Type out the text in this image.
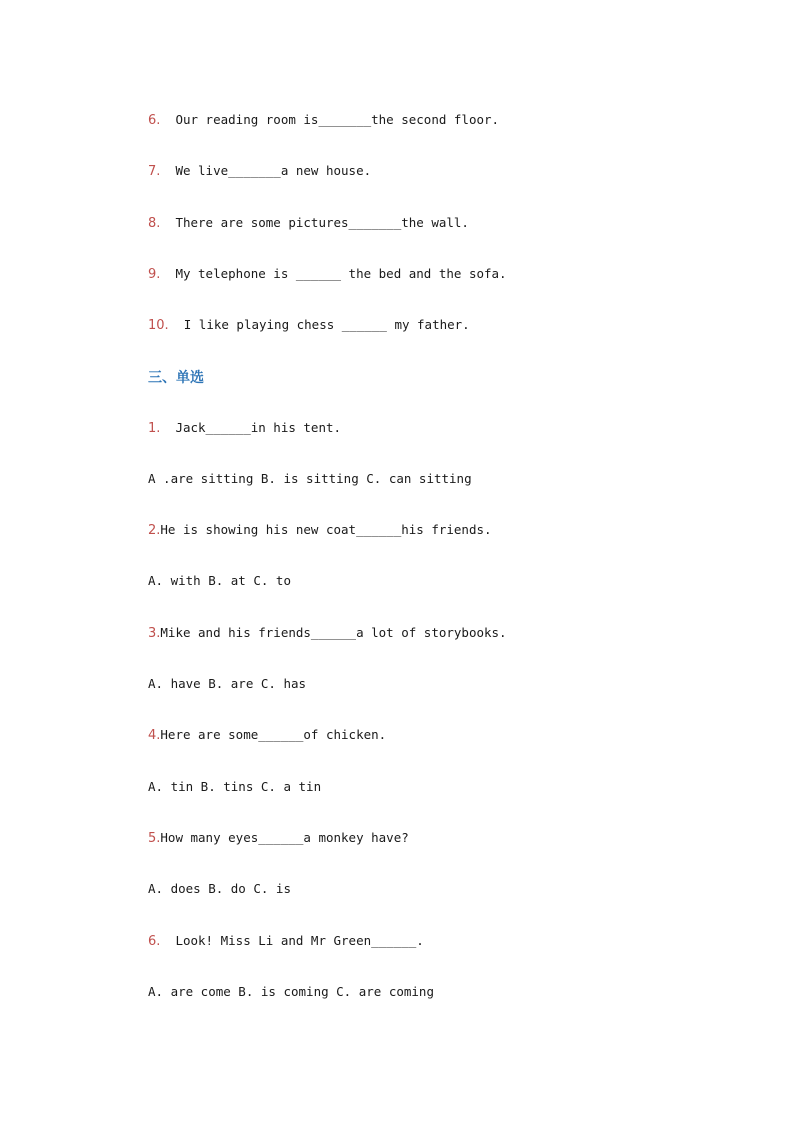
6.  Our reading room is_______the second floor.
7.  We live_______a new house.
8.  There are some pictures_______the wall.
9.  My telephone is ______ the bed and the sofa.
10.  I like playing chess ______ my father.
三、单选
1.  Jack______in his tent.
A .are sitting B. is sitting C. can sitting
2.He is showing his new coat______his friends.
A. with B. at C. to
3.Mike and his friends______a lot of storybooks.
A. have B. are C. has
4.Here are some______of chicken.
A. tin B. tins C. a tin
5.How many eyes______a monkey have?
A. does B. do C. is
6.  Look! Miss Li and Mr Green______.
A. are come B. is coming C. are coming
